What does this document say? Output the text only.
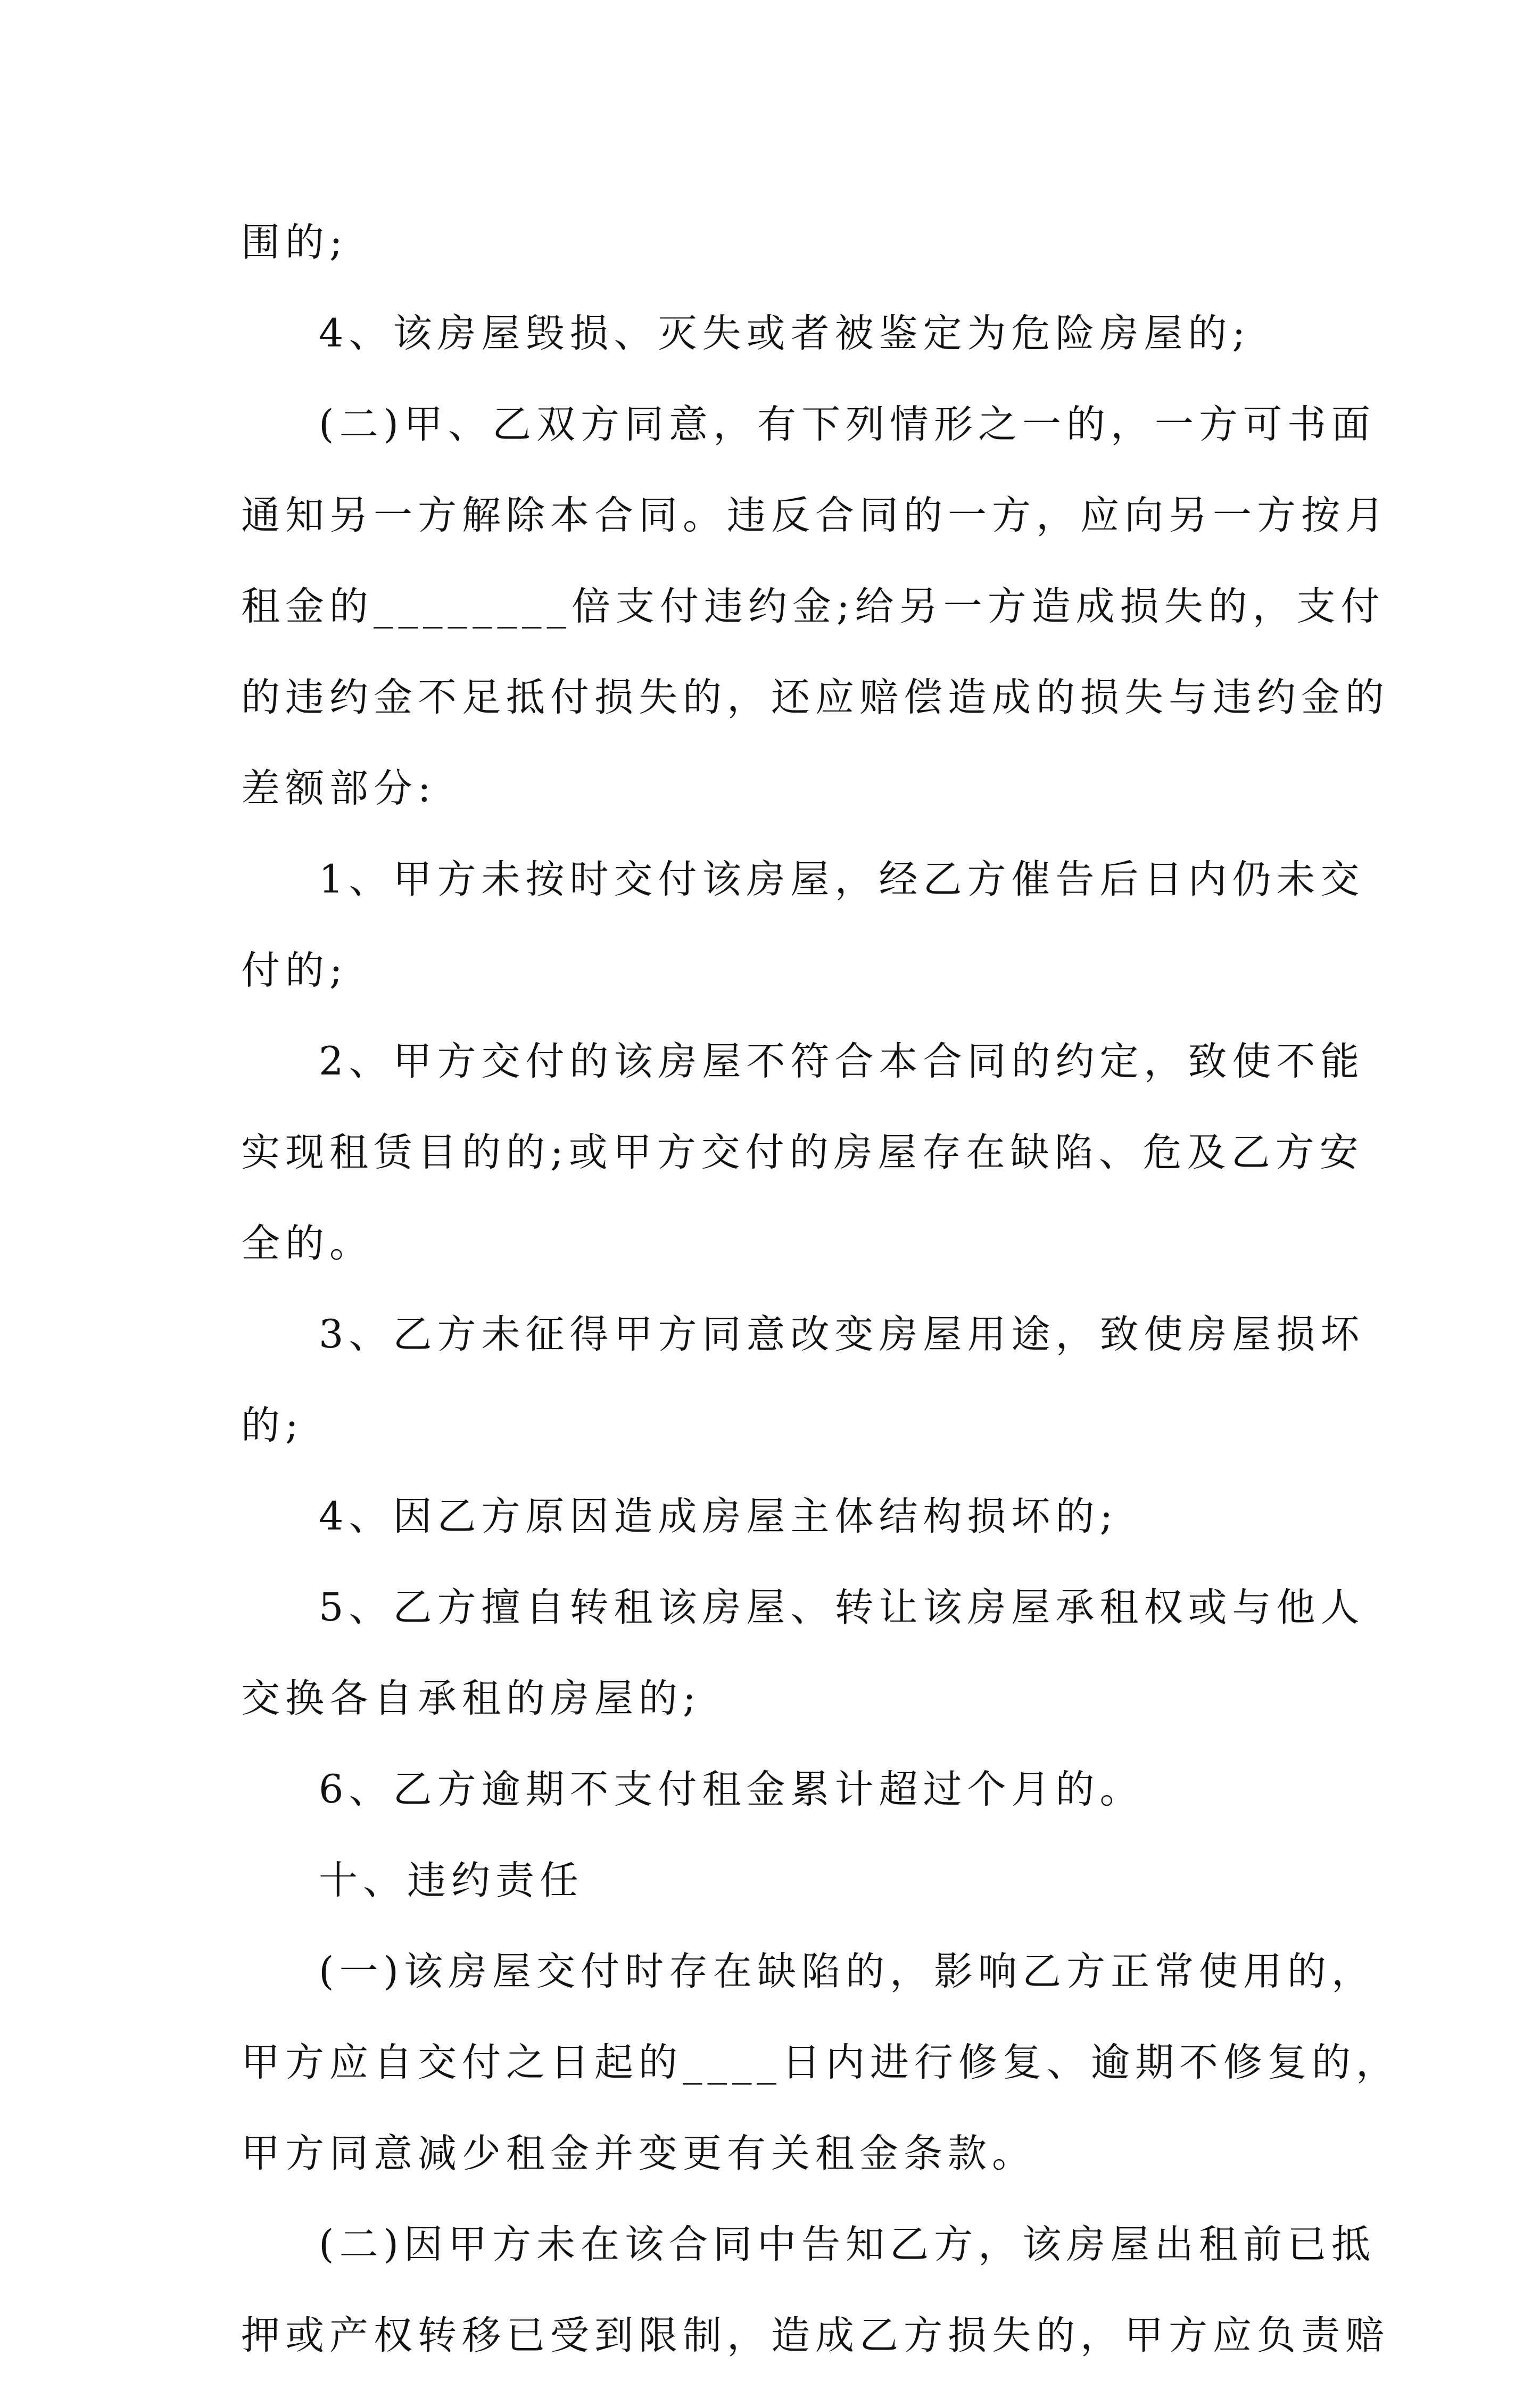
围的;
4、该房屋毁损、灭失或者被鉴定为危险房屋的;
(二)甲、乙双方同意，有下列情形之一的，一方可书面
通知另一方解除本合同。违反合同的一方，应向另一方按月
租金的________倍支付违约金;给另一方造成损失的，支付
的违约金不足抵付损失的，还应赔偿造成的损失与违约金的
差额部分:
1、甲方未按时交付该房屋，经乙方催告后日内仍未交
付的;
2、甲方交付的该房屋不符合本合同的约定，致使不能
实现租赁目的的;或甲方交付的房屋存在缺陷、危及乙方安
全的。
3、乙方未征得甲方同意改变房屋用途，致使房屋损坏
的;
4、因乙方原因造成房屋主体结构损坏的;
5、乙方擅自转租该房屋、转让该房屋承租权或与他人
交换各自承租的房屋的;
6、乙方逾期不支付租金累计超过个月的。
十、违约责任
(一)该房屋交付时存在缺陷的，影响乙方正常使用的，
甲方应自交付之日起的____日内进行修复、逾期不修复的，
甲方同意减少租金并变更有关租金条款。
(二)因甲方未在该合同中告知乙方，该房屋出租前已抵
押或产权转移已受到限制，造成乙方损失的，甲方应负责赔
